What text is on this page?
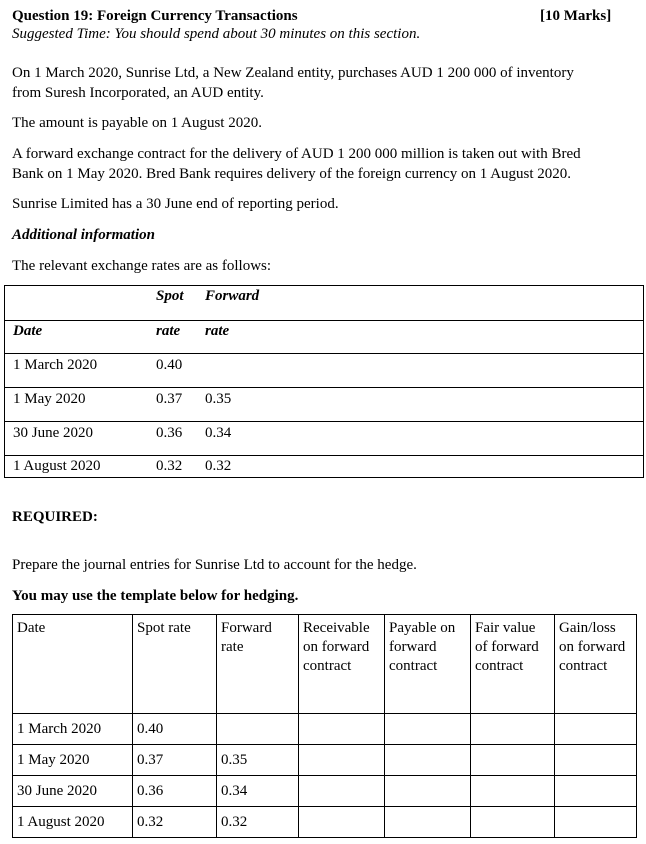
Question 19: Foreign Currency Transactions	[10 Marks]
Suggested Time: You should spend about 30 minutes on this section.
On 1 March 2020, Sunrise Ltd, a New Zealand entity, purchases AUD 1 200 000 of inventory
from Suresh Incorporated, an AUD entity.
The amount is payable on 1 August 2020.
A forward exchange contract for the delivery of AUD 1 200 000 million is taken out with Bred
Bank on 1 May 2020. Bred Bank requires delivery of the foreign currency on 1 August 2020.
Sunrise Limited has a 30 June end of reporting period.
Additional information
The relevant exchange rates are as follows:
Spot Forward
Date	rate rate
1 March 2020	0.40
1 May 2020	0.37 0.35
30 June 2020	0.36 0.34
1 August 2020	0.32 0.32
REQUIRED:
Prepare the journal entries for Sunrise Ltd to account for the hedge.
You may use the template below for hedging.
Date	Spot rate	Forward rate	Receivable on forward contract	Payable on forward contract	Fair value of forward contract	Gain/loss on forward contract
1 March 2020	0.40					
1 May 2020	0.37	0.35				
30 June 2020	0.36	0.34				
1 August 2020	0.32	0.32				
